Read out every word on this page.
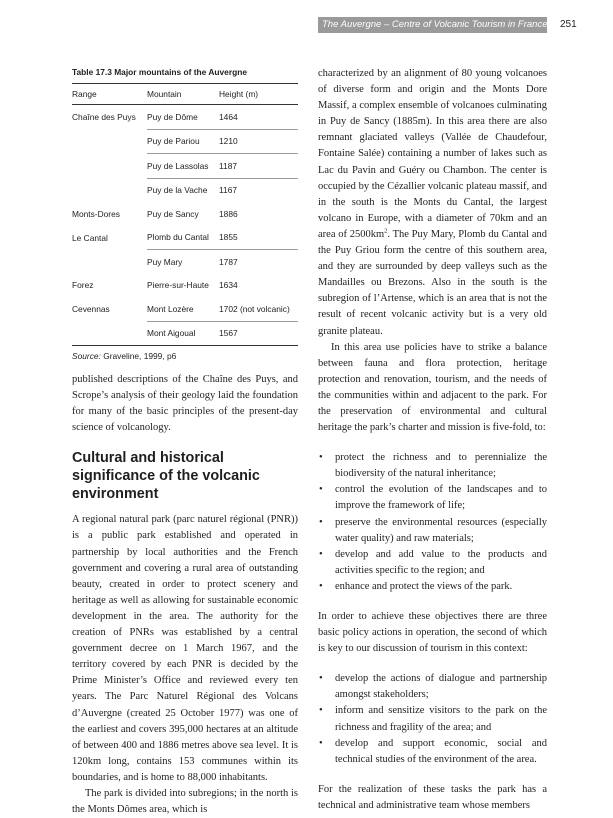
The Auvergne – Centre of Volcanic Tourism in France 251
Table 17.3 Major mountains of the Auvergne
Range	Mountain	Height (m)
Chaîne des Puys	Puy de Dôme	1464
	Puy de Pariou	1210
	Puy de Lassolas	1187
	Puy de la Vache	1167
Monts-Dores	Puy de Sancy	1886
Le Cantal	Plomb du Cantal	1855
	Puy Mary	1787
Forez	Pierre-sur-Haute	1634
Cevennas	Mont Lozère	1702 (not volcanic)
	Mont Aigoual	1567
Source: Graveline, 1999, p6

published descriptions of the Chaîne des Puys, and Scrope’s analysis of their geology laid the foundation for many of the basic principles of the present-day science of volcanology.

Cultural and historical significance of the volcanic environment

A regional natural park (parc naturel régional (PNR)) is a public park established and operated in partnership by local authorities and the French government and covering a rural area of outstanding beauty, created in order to protect scenery and heritage as well as allowing for sustainable economic development in the area. The authority for the creation of PNRs was established by a central government decree on 1 March 1967, and the territory covered by each PNR is decided by the Prime Minister’s Office and reviewed every ten years. The Parc Naturel Régional des Volcans d’Auvergne (created 25 October 1977) was one of the earliest and covers 395,000 hectares at an altitude of between 400 and 1886 metres above sea level. It is 120km long, contains 153 communes within its boundaries, and is home to 88,000 inhabitants.

The park is divided into subregions; in the north is the Monts Dômes area, which is

characterized by an alignment of 80 young volcanoes of diverse form and origin and the Monts Dore Massif, a complex ensemble of volcanoes culminating in Puy de Sancy (1885m). In this area there are also remnant glaciated valleys (Vallée de Chaudefour, Fontaine Salée) containing a number of lakes such as Lac du Pavin and Guéry ou Chambon. The center is occupied by the Cézallier volcanic plateau massif, and in the south is the Monts du Cantal, the largest volcano in Europe, with a diameter of 70km and an area of $2500km^2$. The Puy Mary, Plomb du Cantal and the Puy Griou form the centre of this southern area, and they are surrounded by deep valleys such as the Mandailles ou Brezons. Also in the south is the subregion of l’Artense, which is an area that is not the result of recent volcanic activity but is a very old granite plateau.

In this area use policies have to strike a balance between fauna and flora protection, heritage protection and renovation, tourism, and the needs of the communities within and adjacent to the park. For the preservation of environmental and cultural heritage the park’s charter and mission is five-fold, to:

• protect the richness and to perennialize the biodiversity of the natural inheritance;
• control the evolution of the landscapes and to improve the framework of life;
• preserve the environmental resources (especially water quality) and raw materials;
• develop and add value to the products and activities specific to the region; and
• enhance and protect the views of the park.

In order to achieve these objectives there are three basic policy actions in operation, the second of which is key to our discussion of tourism in this context:

• develop the actions of dialogue and partnership amongst stakeholders;
• inform and sensitize visitors to the park on the richness and fragility of the area; and
• develop and support economic, social and technical studies of the environment of the area.

For the realization of these tasks the park has a technical and administrative team whose members
